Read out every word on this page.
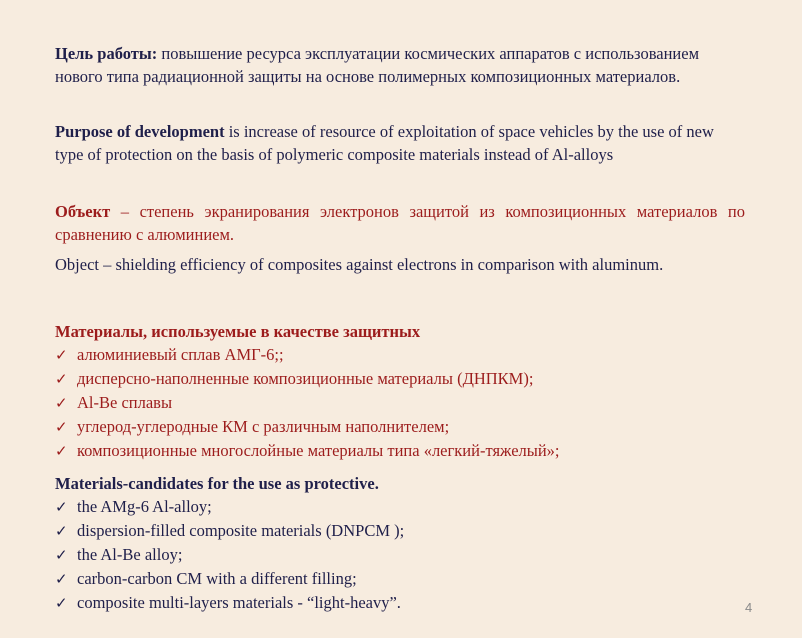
Цель работы: повышение ресурса эксплуатации космических аппаратов с использованием нового типа радиационной защиты на основе полимерных композиционных материалов.
Purpose of development is increase of resource of exploitation of space vehicles by the use of new type of protection on the basis of polymeric composite materials instead of Al-alloys
Объект – степень экранирования электронов защитой из композиционных материалов по сравнению с алюминием.
Object – shielding efficiency of composites against electrons in comparison with aluminum.
Материалы, используемые в качестве защитных
✓ алюминиевый сплав АМГ-6;;
✓ дисперсно-наполненные композиционные материалы (ДНПКМ);
✓ Al-Be сплавы
✓ углерод-углеродные КМ с различным наполнителем;
✓ композиционные многослойные материалы типа «легкий-тяжелый»;
Materials-candidates for the use as protective.
✓ the AMg-6 Al-alloy;
✓ dispersion-filled composite materials (DNPCM );
✓ the Al-Be alloy;
✓ carbon-carbon CM with a different filling;
✓ composite multi-layers materials - “light-heavy”.	4
